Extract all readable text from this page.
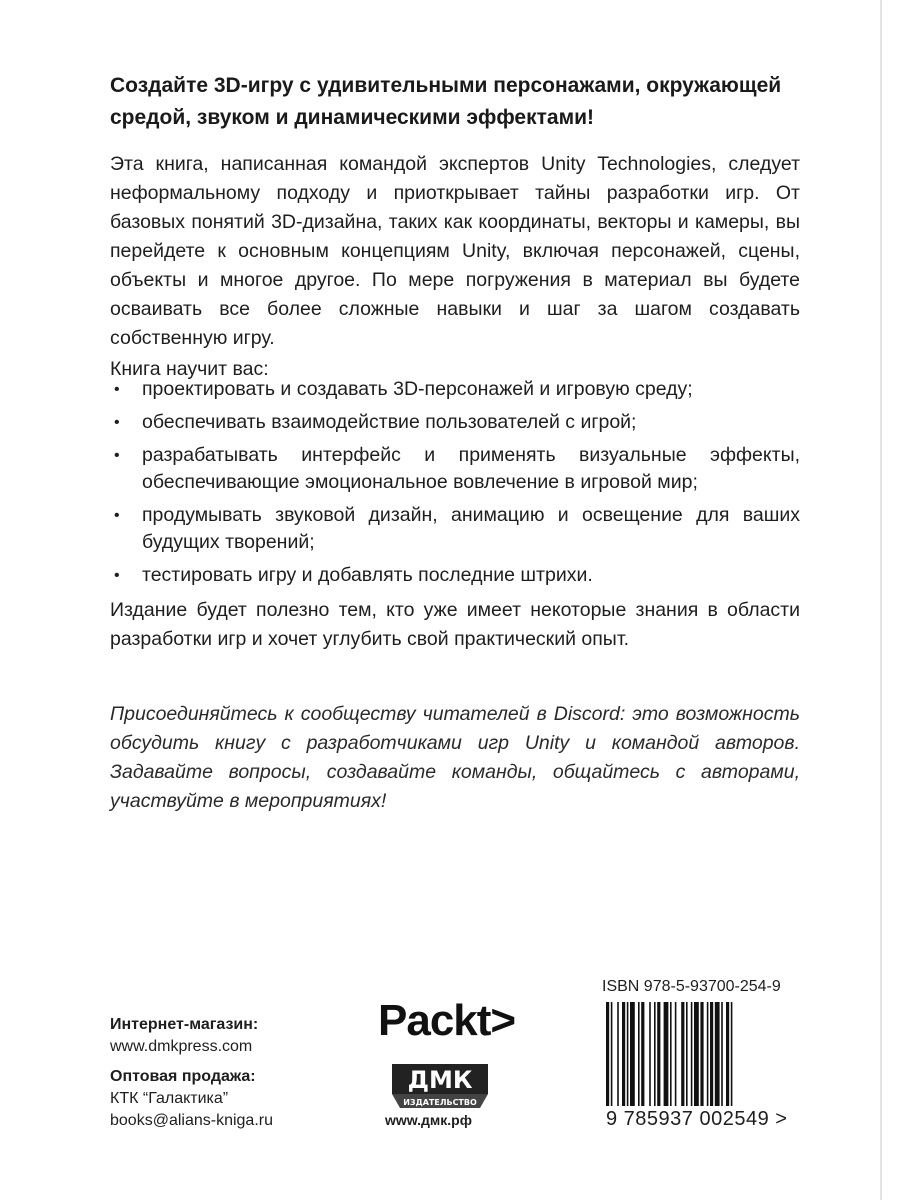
Создайте 3D-игру с удивительными персонажами, окружающей средой, звуком и динамическими эффектами!
Эта книга, написанная командой экспертов Unity Technologies, следует неформальному подходу и приоткрывает тайны разработки игр. От базовых понятий 3D-дизайна, таких как координаты, векторы и камеры, вы перейдете к основным концепциям Unity, включая персонажей, сцены, объекты и многое другое. По мере погружения в материал вы будете осваивать все более сложные навыки и шаг за шагом создавать собственную игру.
Книга научит вас:
• проектировать и создавать 3D-персонажей и игровую среду;
• обеспечивать взаимодействие пользователей с игрой;
• разрабатывать интерфейс и применять визуальные эффекты, обеспечивающие эмоциональное вовлечение в игровой мир;
• продумывать звуковой дизайн, анимацию и освещение для ваших будущих творений;
• тестировать игру и добавлять последние штрихи.
Издание будет полезно тем, кто уже имеет некоторые знания в области разработки игр и хочет углубить свой практический опыт.
Присоединяйтесь к сообществу читателей в Discord: это возможность обсудить книгу с разработчиками игр Unity и командой авторов. Задавайте вопросы, создавайте команды, общайтесь с авторами, участвуйте в мероприятиях!
Интернет-магазин:
www.dmkpress.com
Оптовая продажа:
КТК “Галактика”
books@alians-kniga.ru
Packt>
ДМК
ИЗДАТЕЛЬСТВО
www.дмк.рф
ISBN 978-5-93700-254-9
9 785937 002549 >
